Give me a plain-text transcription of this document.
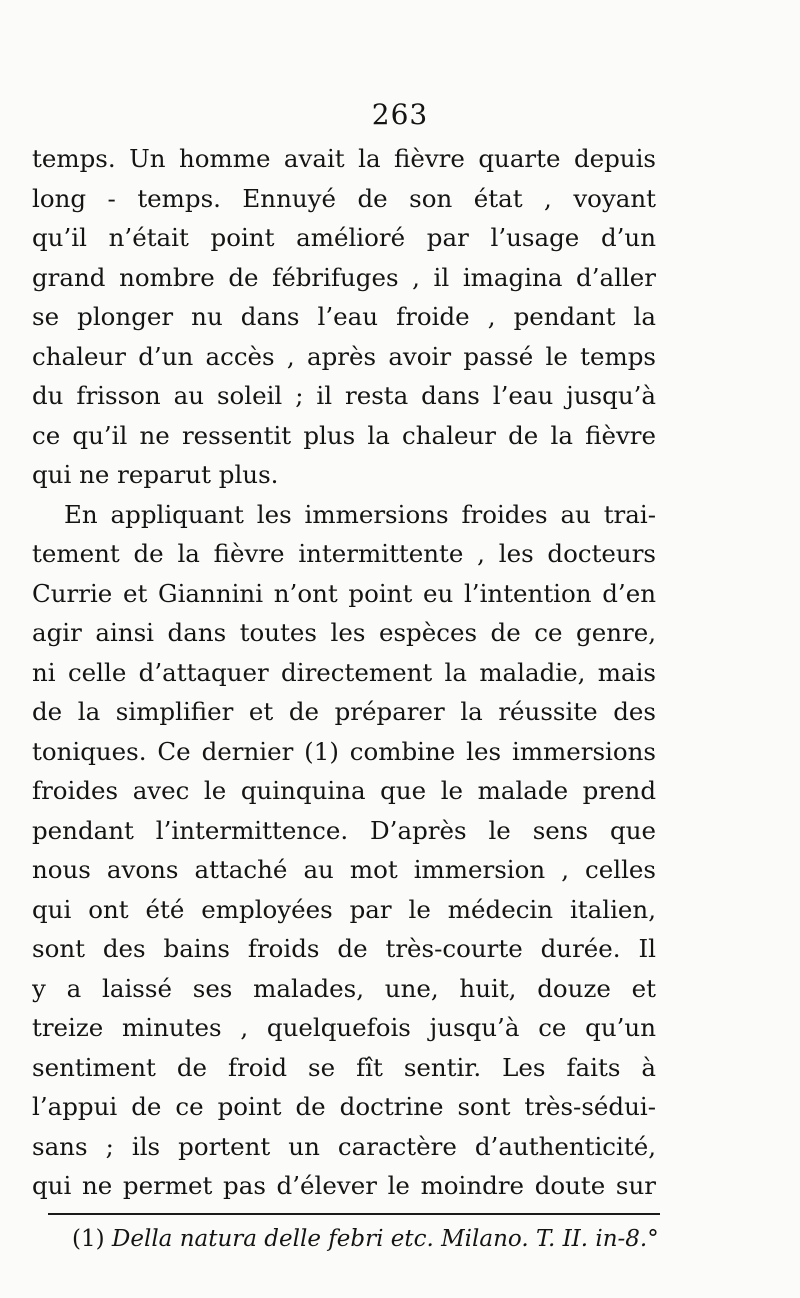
263
temps. Un homme avait la fièvre quarte depuis
long - temps. Ennuyé de son état , voyant
qu’il n’était point amélioré par l’usage d’un
grand nombre de fébrifuges , il imagina d’aller
se plonger nu dans l’eau froide , pendant la
chaleur d’un accès , après avoir passé le temps
du frisson au soleil ; il resta dans l’eau jusqu’à
ce qu’il ne ressentit plus la chaleur de la fièvre
qui ne reparut plus.
En appliquant les immersions froides au trai-
tement de la fièvre intermittente , les docteurs
Currie et Giannini n’ont point eu l’intention d’en
agir ainsi dans toutes les espèces de ce genre,
ni celle d’attaquer directement la maladie, mais
de la simplifier et de préparer la réussite des
toniques. Ce dernier (1) combine les immersions
froides avec le quinquina que le malade prend
pendant l’intermittence. D’après le sens que
nous avons attaché au mot immersion , celles
qui ont été employées par le médecin italien,
sont des bains froids de très-courte durée. Il
y a laissé ses malades, une, huit, douze et
treize minutes , quelquefois jusqu’à ce qu’un
sentiment de froid se fît sentir. Les faits à
l’appui de ce point de doctrine sont très-sédui-
sans ; ils portent un caractère d’authenticité,
qui ne permet pas d’élever le moindre doute sur
(1) Della natura delle febri etc. Milano. T. II. in-8.°
